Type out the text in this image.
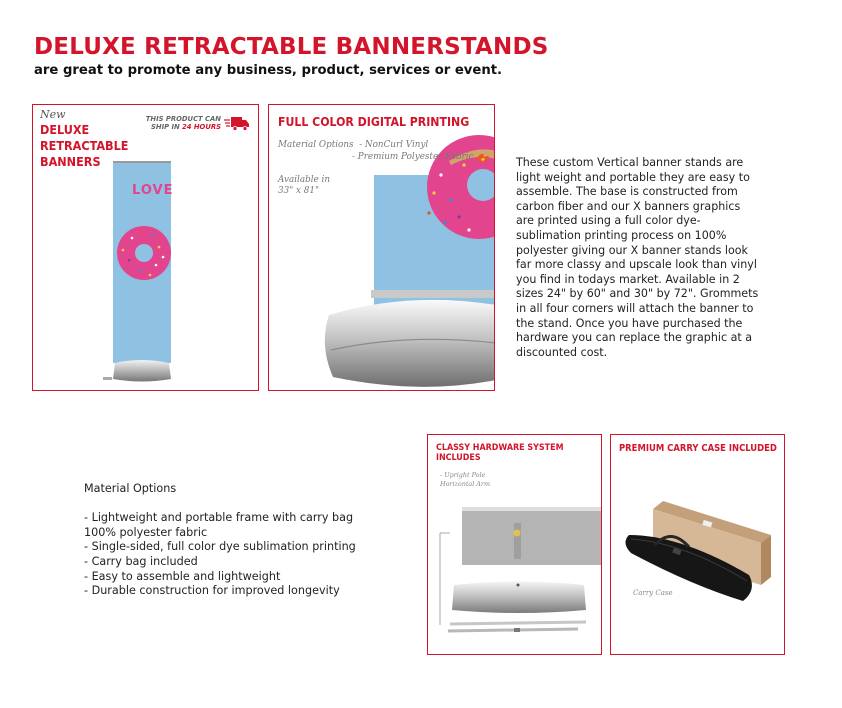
DELUXE RETRACTABLE BANNERSTANDS
are great to promote any business, product, services or event.
New
DELUXE
RETRACTABLE
BANNERS
THIS PRODUCT CAN
SHIP IN 24 HOURS
LOVE
FULL COLOR DIGITAL PRINTING
Material Options - NonCurl Vinyl
- Premium Polyester Fabric
Available in
33" x 81"
These custom Vertical banner stands are light weight and portable they are easy to assemble. The base is constructed from carbon fiber and our X banners graphics are printed using a full color dye-sublimation printing process on 100% polyester giving our X banner stands look far more classy and upscale look than vinyl you find in todays market. Available in 2 sizes 24" by 60" and 30" by 72". Grommets in all four corners will attach the banner to the stand. Once you have purchased the hardware you can replace the graphic at a discounted cost.
Material Options
- Lightweight and portable frame with carry bag
100% polyester fabric
- Single-sided, full color dye sublimation printing
- Carry bag included
- Easy to assemble and lightweight
- Durable construction for improved longevity
CLASSY HARDWARE SYSTEM INCLUDES
- Upright Pole
Horizontal Arm
PREMIUM CARRY CASE INCLUDED
Carry Case
